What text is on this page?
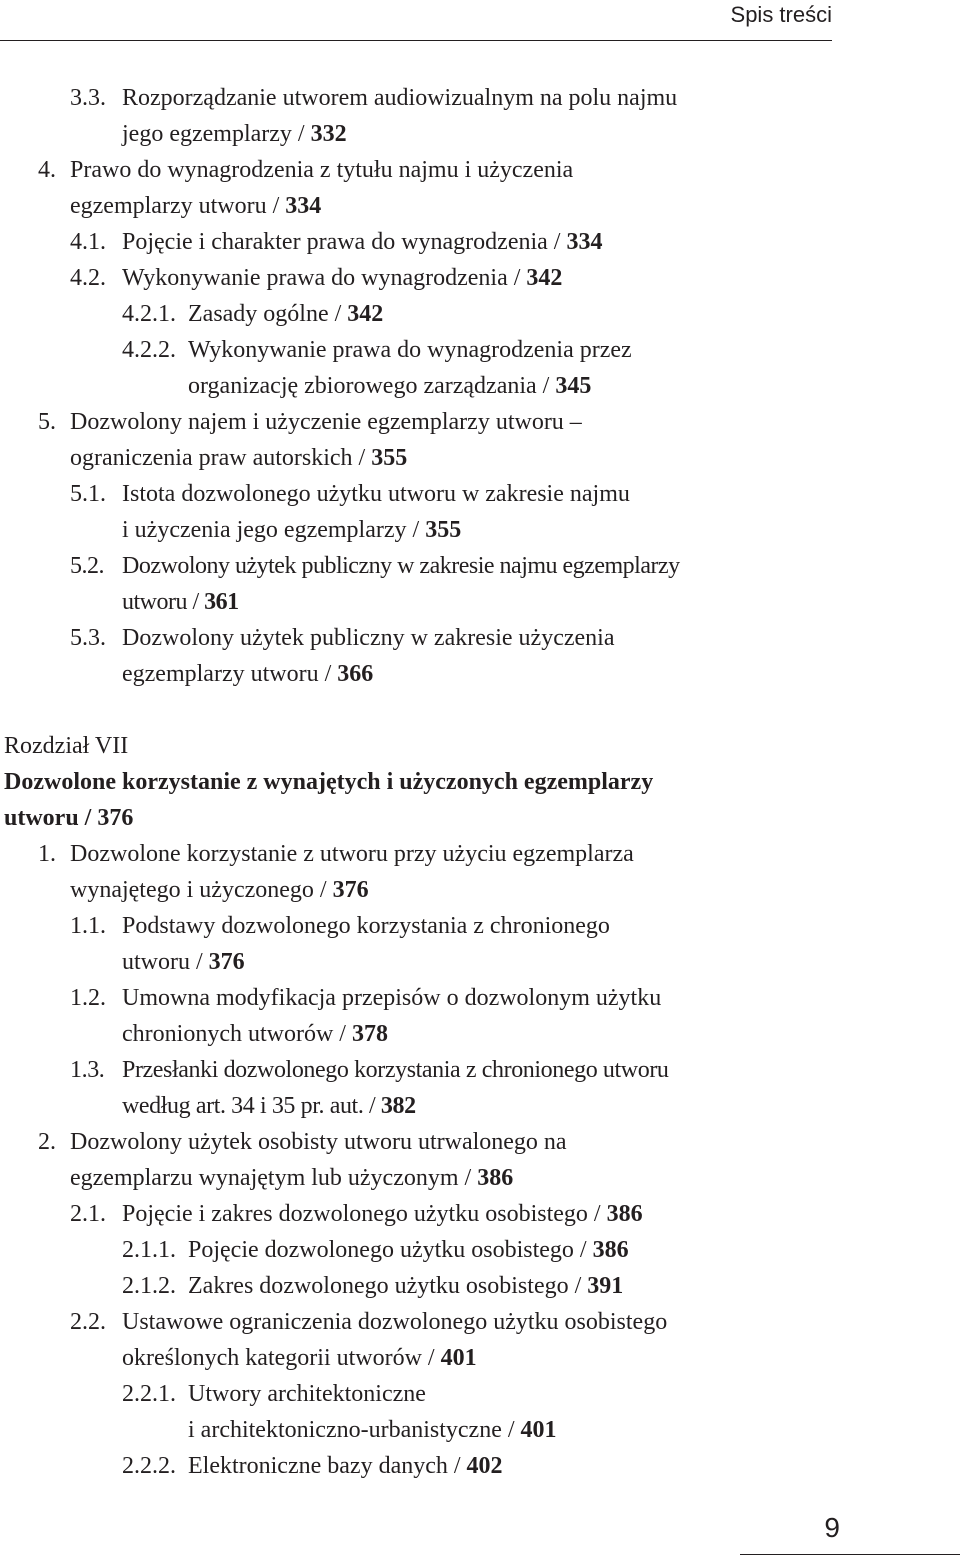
Spis treści
3.3. Rozporządzanie utworem audiowizualnym na polu najmu
jego egzemplarzy / 332
4. Prawo do wynagrodzenia z tytułu najmu i użyczenia
egzemplarzy utworu / 334
4.1. Pojęcie i charakter prawa do wynagrodzenia / 334
4.2. Wykonywanie prawa do wynagrodzenia / 342
4.2.1. Zasady ogólne / 342
4.2.2. Wykonywanie prawa do wynagrodzenia przez
organizację zbiorowego zarządzania / 345
5. Dozwolony najem i użyczenie egzemplarzy utworu –
ograniczenia praw autorskich / 355
5.1. Istota dozwolonego użytku utworu w zakresie najmu
i użyczenia jego egzemplarzy / 355
5.2. Dozwolony użytek publiczny w zakresie najmu egzemplarzy
utworu / 361
5.3. Dozwolony użytek publiczny w zakresie użyczenia
egzemplarzy utworu / 366
Rozdział VII
Dozwolone korzystanie z wynajętych i użyczonych egzemplarzy
utworu / 376
1. Dozwolone korzystanie z utworu przy użyciu egzemplarza
wynajętego i użyczonego / 376
1.1. Podstawy dozwolonego korzystania z chronionego
utworu / 376
1.2. Umowna modyfikacja przepisów o dozwolonym użytku
chronionych utworów / 378
1.3. Przesłanki dozwolonego korzystania z chronionego utworu
według art. 34 i 35 pr. aut. / 382
2. Dozwolony użytek osobisty utworu utrwalonego na
egzemplarzu wynajętym lub użyczonym / 386
2.1. Pojęcie i zakres dozwolonego użytku osobistego / 386
2.1.1. Pojęcie dozwolonego użytku osobistego / 386
2.1.2. Zakres dozwolonego użytku osobistego / 391
2.2. Ustawowe ograniczenia dozwolonego użytku osobistego
określonych kategorii utworów / 401
2.2.1. Utwory architektoniczne
i architektoniczno-urbanistyczne / 401
2.2.2. Elektroniczne bazy danych / 402
9
